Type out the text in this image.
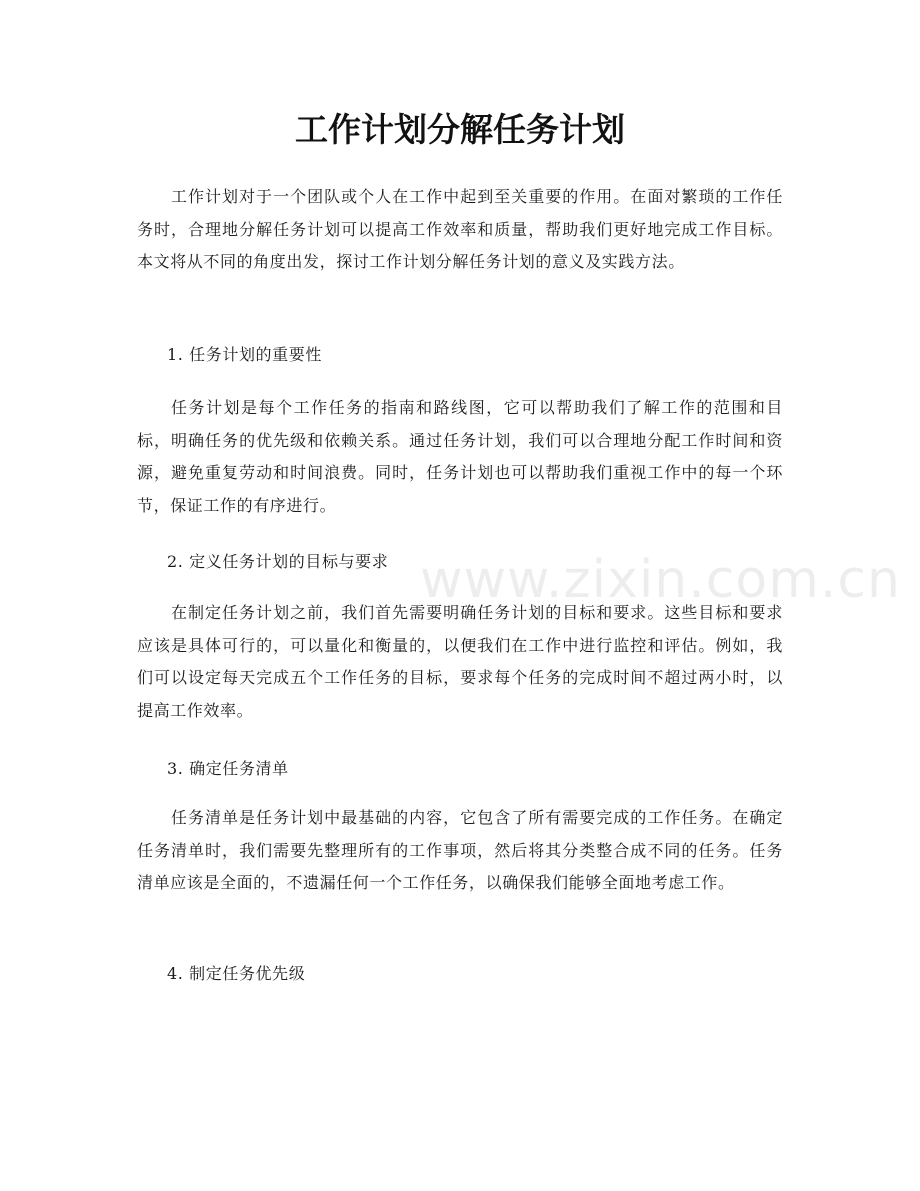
工作计划分解任务计划

工作计划对于一个团队或个人在工作中起到至关重要的作用。在面对繁琐的工作任务时，合理地分解任务计划可以提高工作效率和质量，帮助我们更好地完成工作目标。本文将从不同的角度出发，探讨工作计划分解任务计划的意义及实践方法。

1. 任务计划的重要性

任务计划是每个工作任务的指南和路线图，它可以帮助我们了解工作的范围和目标，明确任务的优先级和依赖关系。通过任务计划，我们可以合理地分配工作时间和资源，避免重复劳动和时间浪费。同时，任务计划也可以帮助我们重视工作中的每一个环节，保证工作的有序进行。

2. 定义任务计划的目标与要求

在制定任务计划之前，我们首先需要明确任务计划的目标和要求。这些目标和要求应该是具体可行的，可以量化和衡量的，以便我们在工作中进行监控和评估。例如，我们可以设定每天完成五个工作任务的目标，要求每个任务的完成时间不超过两小时，以提高工作效率。

3. 确定任务清单

任务清单是任务计划中最基础的内容，它包含了所有需要完成的工作任务。在确定任务清单时，我们需要先整理所有的工作事项，然后将其分类整合成不同的任务。任务清单应该是全面的，不遗漏任何一个工作任务，以确保我们能够全面地考虑工作。

4. 制定任务优先级

www.zixin.com.cn
